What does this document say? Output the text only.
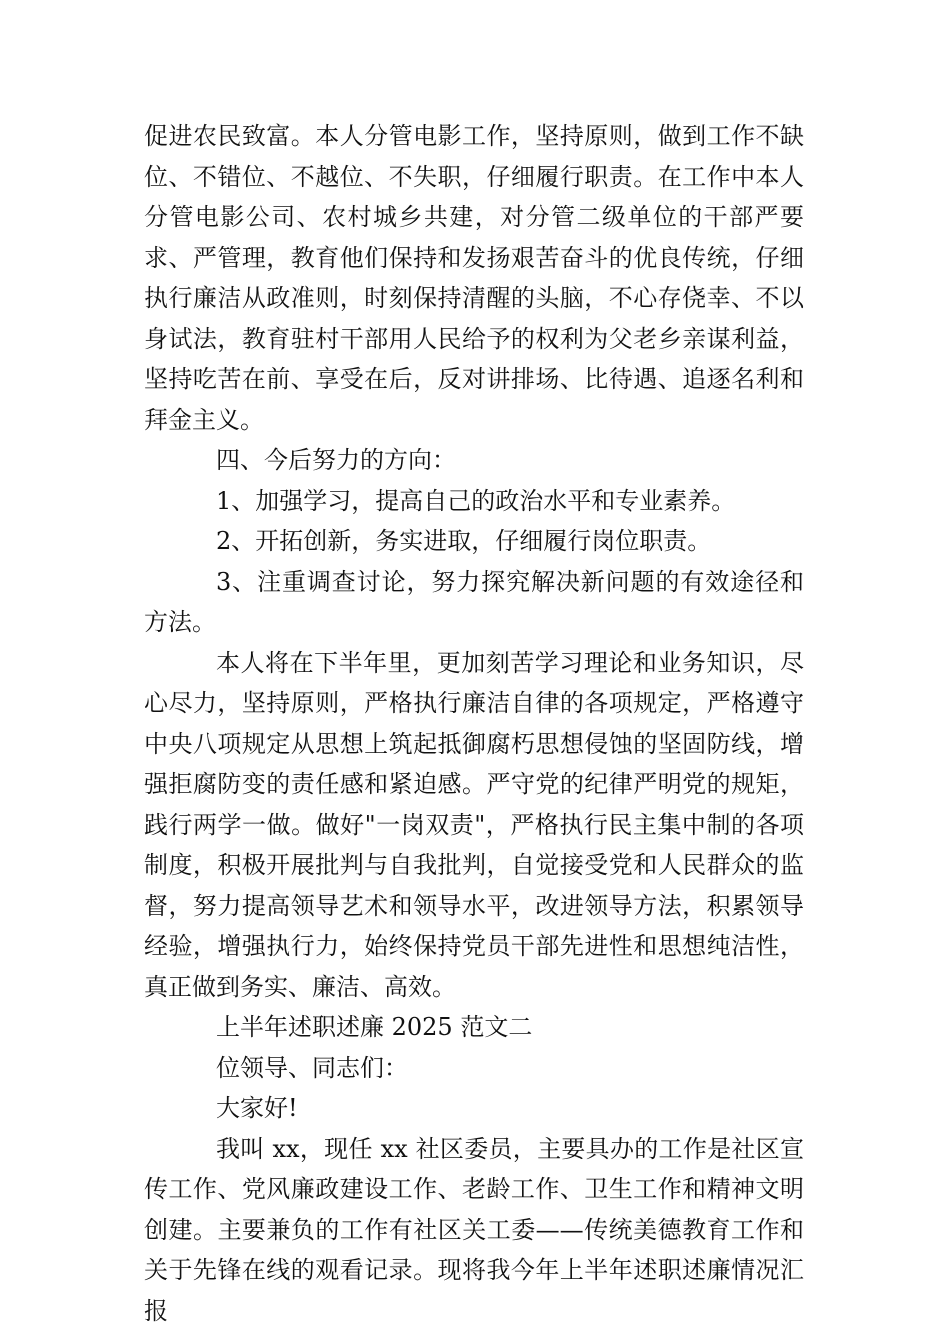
促进农民致富。本人分管电影工作，坚持原则，做到工作不缺位、不错位、不越位、不失职，仔细履行职责。在工作中本人分管电影公司、农村城乡共建，对分管二级单位的干部严要求、严管理，教育他们保持和发扬艰苦奋斗的优良传统，仔细执行廉洁从政准则，时刻保持清醒的头脑，不心存侥幸、不以身试法，教育驻村干部用人民给予的权利为父老乡亲谋利益，坚持吃苦在前、享受在后，反对讲排场、比待遇、追逐名利和拜金主义。

四、今后努力的方向：

1、加强学习，提高自己的政治水平和专业素养。

2、开拓创新，务实进取，仔细履行岗位职责。

3、注重调查讨论，努力探究解决新问题的有效途径和方法。

本人将在下半年里，更加刻苦学习理论和业务知识，尽心尽力，坚持原则，严格执行廉洁自律的各项规定，严格遵守中央八项规定从思想上筑起抵御腐朽思想侵蚀的坚固防线，增强拒腐防变的责任感和紧迫感。严守党的纪律严明党的规矩，践行两学一做。做好"一岗双责"，严格执行民主集中制的各项制度，积极开展批判与自我批判，自觉接受党和人民群众的监督，努力提高领导艺术和领导水平，改进领导方法，积累领导经验，增强执行力，始终保持党员干部先进性和思想纯洁性，真正做到务实、廉洁、高效。

上半年述职述廉 2025 范文二

位领导、同志们：

大家好!

我叫 xx，现任 xx 社区委员，主要具办的工作是社区宣传工作、党风廉政建设工作、老龄工作、卫生工作和精神文明创建。主要兼负的工作有社区关工委——传统美德教育工作和关于先锋在线的观看记录。现将我今年上半年述职述廉情况汇报
